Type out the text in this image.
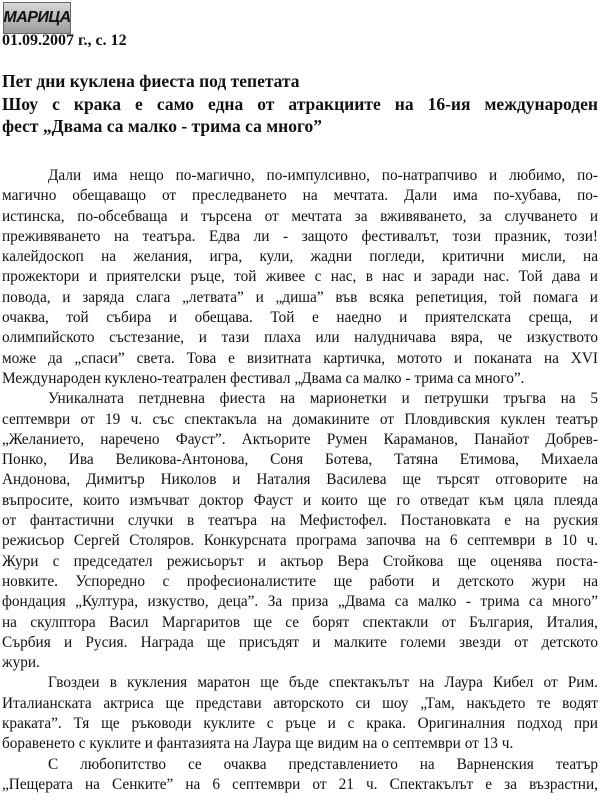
МАРИЦА
01.09.2007 г., с. 12
Пет дни куклена фиеста под тепетата
Шоу с крака е само една от атракциите на 16-ия международен
фест „Двама са малко - трима са много”
Дали има нещо по-магично, по-импулсивно, по-натрапчиво и любимо, по-
магично обещаващо от преследването на мечтата. Дали има по-хубава, по-
истинска, по-обсебваща и търсена от мечтата за вживяването, за случването и
преживяването на театъра. Едва ли - защото фестивалът, този празник, този!
калейдоскоп на желания, игра, кули, жадни погледи, критични мисли, на
прожектори и приятелски ръце, той живее с нас, в нас и заради нас. Той дава и
повода, и заряда слага „летвата” и „диша” във всяка репетиция, той помага и
очаква, той събира и обещава. Той е наедно и приятелската среща, и
олимпийското състезание, и тази плаха или налудничава вяра, че изкуството
може да „спаси” света. Това е визитната картичка, мотото и поканата на XVI
Международен куклено-театрален фестивал „Двама са малко - трима са много”.
Уникалната петдневна фиеста на марионетки и петрушки тръгва на 5
септември от 19 ч. със спектакъла на домакините от Пловдивския куклен театър
„Желанието, наречено Фауст”. Актьорите Румен Караманов, Панайот Добрев-
Понко, Ива Великова-Антонова, Соня Ботева, Татяна Етимова, Михаела
Андонова, Димитър Николов и Наталия Василева ще търсят отговорите на
въпросите, които измъчват доктор Фауст и които ще го отведат към цяла плеяда
от фантастични случки в театъра на Мефистофел. Постановката е на руския
режисьор Сергей Столяров. Конкурсната програма започва на 6 септември в 10 ч.
Жури с председател режисьорът и актьор Вера Стойкова ще оценява поста-
новките. Успоредно с професионалистите ще работи и детското жури на
фондация „Култура, изкуство, деца”. За приза „Двама са малко - трима са много”
на скулптора Васил Маргаритов ще се борят спектакли от България, Италия,
Сърбия и Русия. Награда ще присъдят и малките големи звезди от детското
жури.
Гвоздеи в кукления маратон ще бъде спектакълът на Лаура Кибел от Рим.
Италианската актриса ще представи авторското си шоу „Там, накъдето те водят
краката”. Тя ще ръководи куклите с ръце и с крака. Оригиналния подход при
боравенето с куклите и фантазията на Лаура ще видим на о септември от 13 ч.
С любопитство се очаква представлението на Варненския театър
„Пещерата на Сенките” на 6 септември от 21 ч. Спектакълът е за възрастни,
